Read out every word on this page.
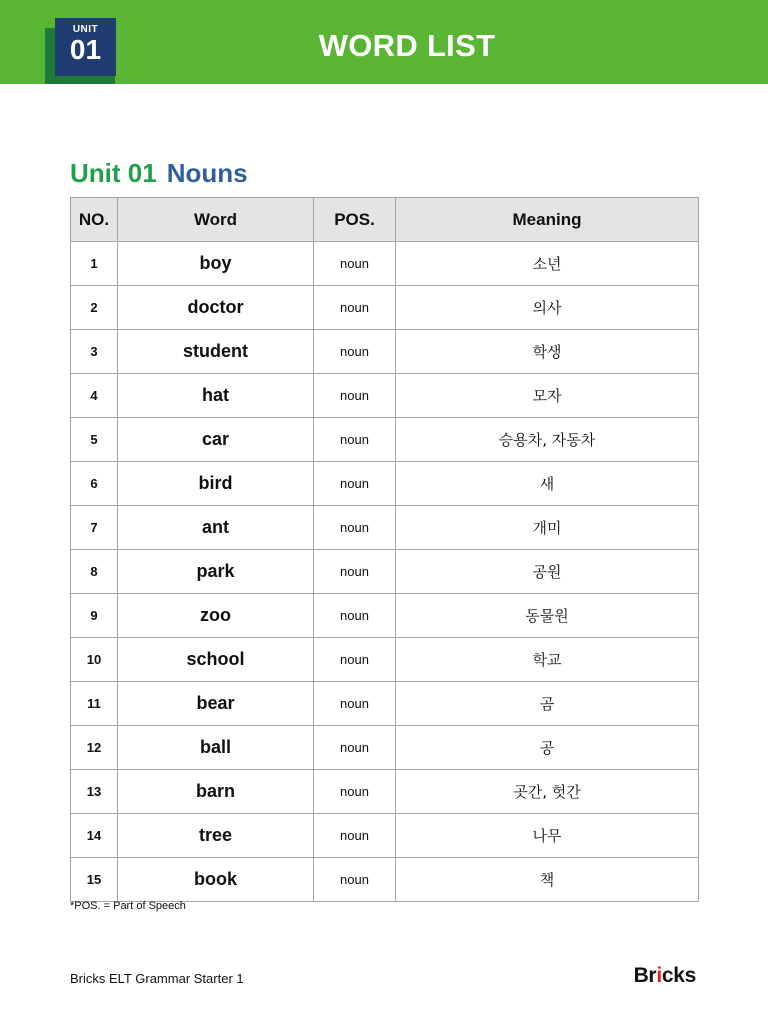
UNIT
01	WORD LIST
Unit 01 Nouns
NO.	Word	POS.	Meaning
1	boy	noun	소년
2	doctor	noun	의사
3	student	noun	학생
4	hat	noun	모자
5	car	noun	승용차, 자동차
6	bird	noun	새
7	ant	noun	개미
8	park	noun	공원
9	zoo	noun	동물원
10	school	noun	학교
11	bear	noun	곰
12	ball	noun	공
13	barn	noun	곳간, 헛간
14	tree	noun	나무
15	book	noun	책
*POS. = Part of Speech
Bricks ELT Grammar Starter 1	Bricks
